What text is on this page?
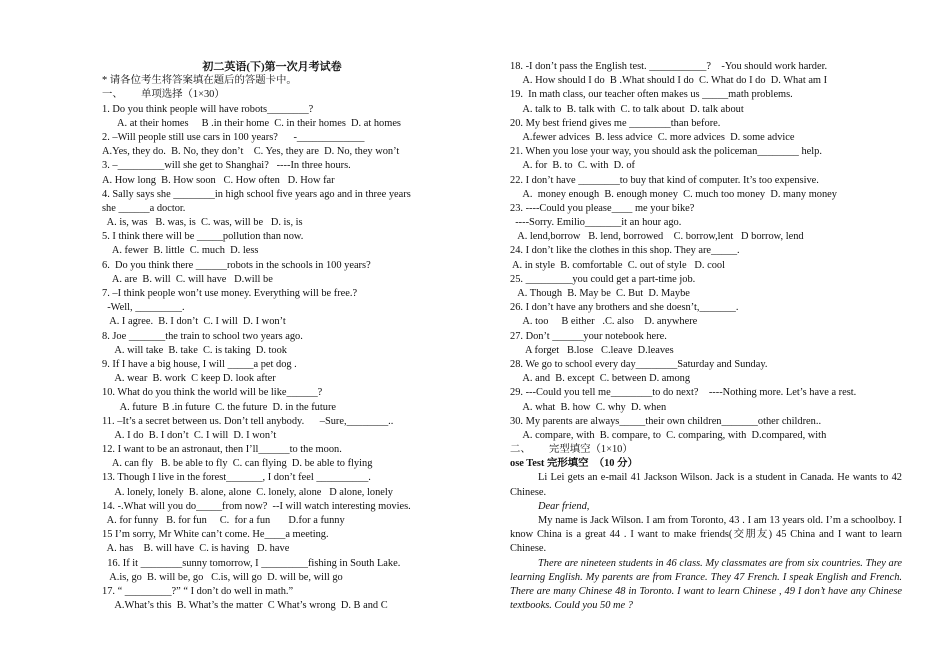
初二英语(下)第一次月考试卷
* 请各位考生将答案填在题后的答题卡中。
一、       单项选择（1×30）
1. Do you think people will have robots________?
A. at their homes     B .in their home  C. in their homes  D. at homes
2. –Will people still use cars in 100 years?      -_____________
A.Yes, they do.  B. No, they don’t    C. Yes, they are  D. No, they won’t
3. –_________will she get to Shanghai?   ----In three hours.
A. How long  B. How soon   C. How often   D. How far
4. Sally says she ________in high school five years ago and in three years
she ______a doctor.
A. is, was   B. was, is  C. was, will be   D. is, is
5. I think there will be _____pollution than now.
A. fewer  B. little  C. much  D. less
6.  Do you think there ______robots in the schools in 100 years?
A. are  B. will  C. will have   D.will be
7. –I think people won’t use money. Everything will be free.?
-Well, _________.
A. I agree.  B. I don’t  C. I will  D. I won’t
8. Joe _______the train to school two years ago.
A. will take  B. take  C. is taking  D. took
9. If I have a big house, I will _____a pet dog .
A. wear  B. work  C keep D. look after
10. What do you think the world will be like______?
A. future  B .in future  C. the future  D. in the future
11. –It’s a secret between us. Don’t tell anybody.      –Sure,________..
A. I do  B. I don’t  C. I will  D. I won’t
12. I want to be an astronaut, then I’ll______to the moon.
A. can fly   B. be able to fly  C. can flying  D. be able to flying
13. Though I live in the forest_______, I don’t feel __________.
A. lonely, lonely  B. alone, alone  C. lonely, alone   D alone, lonely
14. -.What will you do_____from now?  --I will watch interesting movies.
A. for funny   B. for fun     C.  for a fun       D.for a funny
15 I’m sorry, Mr White can’t come. He____a meeting.
A. has    B. will have  C. is having   D. have
16. If it ________sunny tomorrow, I _________fishing in South Lake.
A.is, go  B. will be, go   C.is, will go  D. will be, will go
17. “ _________?” “ I don’t do well in math.”
A.What’s this  B. What’s the matter  C What’s wrong  D. B and C
18. -I don’t pass the English test. ___________?    -You should work harder.
A. How should I do  B .What should I do  C. What do I do  D. What am I
19.  In math class, our teacher often makes us _____math problems.
A. talk to  B. talk with  C. to talk about  D. talk about
20. My best friend gives me ________than before.
A.fewer advices  B. less advice  C. more advices  D. some advice
21. When you lose your way, you should ask the policeman________ help.
A. for  B. to  C. with  D. of
22. I don’t have ________to buy that kind of computer. It’s too expensive.
A.  money enough  B. enough money  C. much too money  D. many money
23. ----Could you please____ me your bike?
----Sorry. Emilio_______it an hour ago.
A. lend,borrow   B. lend, borrowed    C. borrow,lent   D borrow, lend
24. I don’t like the clothes in this shop. They are_____.
A. in style  B. comfortable  C. out of style   D. cool
25. _________you could get a part-time job.
A. Though  B. May be  C. But  D. Maybe
26. I don’t have any brothers and she doesn’t,_______.
A. too     B either   .C. also    D. anywhere
27. Don’t ______your notebook here.
A forget   B.lose   C.leave  D.leaves
28. We go to school every day________Saturday and Sunday.
A. and  B. except  C. between D. among
29. ---Could you tell me________to do next?    ----Nothing more. Let’s have a rest.
A. what  B. how  C. why  D. when
30. My parents are always_____their own children_______other children..
A. compare, with  B. compare, to  C. comparing, with  D.compared, with
二、       完型填空（1×10）
ose Test 完形填空  （10 分）
Li Lei gets an e-mail 41 Jackson Wilson. Jack is a student in Canada. He wants to 42 Chinese.
Dear friend,
My name is Jack Wilson. I am from Toronto, 43 . I am 13 years old. I’m a schoolboy. I know China is a great 44 . I want to make friends(交朋友) 45 China and I want to learn Chinese.
There are nineteen students in 46 class. My classmates are from six countries. They are learning English. My parents are from France. They 47 French. I speak English and French. There are many Chinese 48 in Toronto. I want to learn Chinese , 49 I don’t have any Chinese textbooks. Could you 50 me ?
